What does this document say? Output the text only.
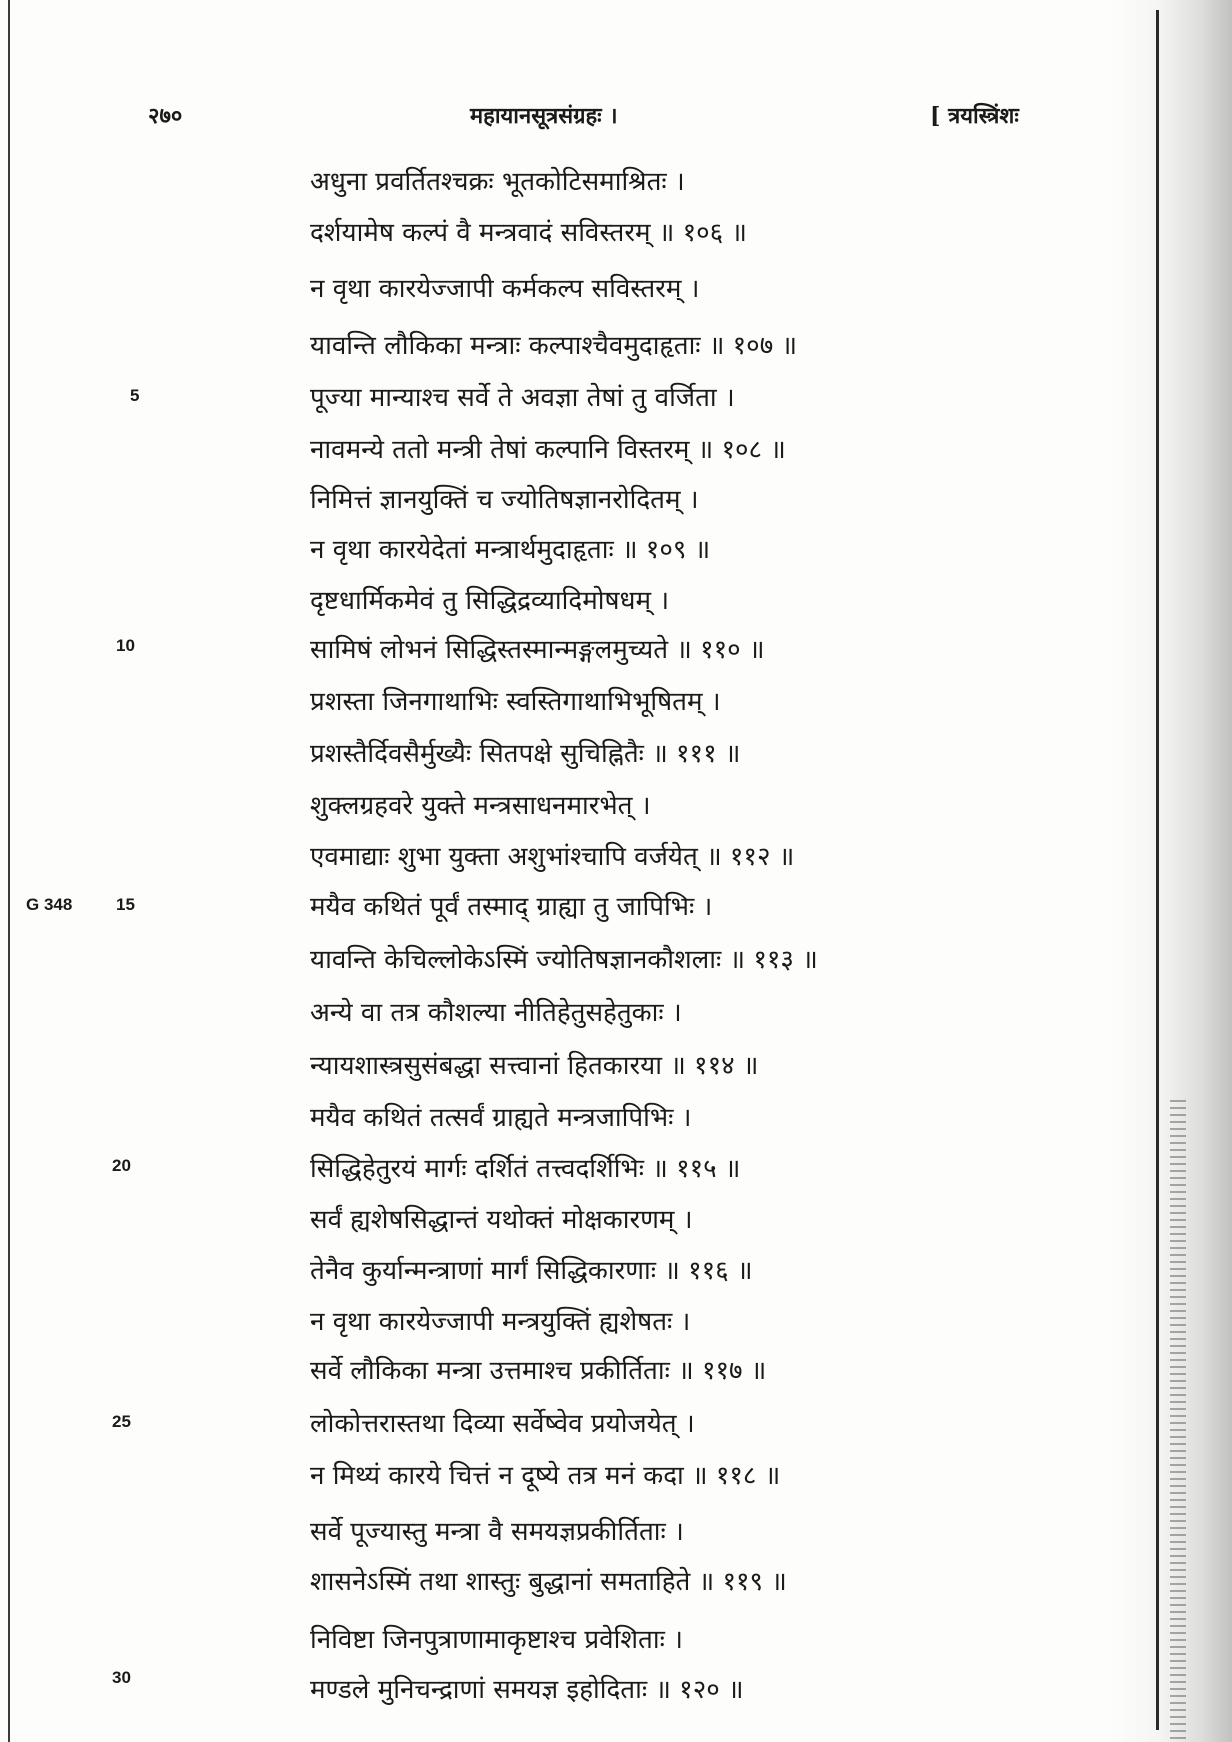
२७०	महायानसूत्रसंग्रहः ।	[ त्रयस्त्रिंशः
अधुना प्रवर्तितश्चक्रः भूतकोटिसमाश्रितः ।
दर्शयामेष कल्पं वै मन्त्रवादं सविस्तरम् ॥ १०६ ॥
न वृथा कारयेज्जापी कर्मकल्प सविस्तरम् ।
यावन्ति लौकिका मन्त्राः कल्पाश्चैवमुदाहृताः ॥ १०७ ॥
पूज्या मान्याश्च सर्वे ते अवज्ञा तेषां तु वर्जिता ।
नावमन्ये ततो मन्त्री तेषां कल्पानि विस्तरम् ॥ १०८ ॥
निमित्तं ज्ञानयुक्तिं च ज्योतिषज्ञानरोदितम् ।
न वृथा कारयेदेतां मन्त्रार्थमुदाहृताः ॥ १०९ ॥
दृष्टधार्मिकमेवं तु सिद्धिद्रव्यादिमोषधम् ।
सामिषं लोभनं सिद्धिस्तस्मान्मङ्गलमुच्यते ॥ ११० ॥
प्रशस्ता जिनगाथाभिः स्वस्तिगाथाभिभूषितम् ।
प्रशस्तैर्दिवसैर्मुख्यैः सितपक्षे सुचिह्नितैः ॥ १११ ॥
शुक्लग्रहवरे युक्ते मन्त्रसाधनमारभेत् ।
एवमाद्याः शुभा युक्ता अशुभांश्चापि वर्जयेत् ॥ ११२ ॥
मयैव कथितं पूर्वं तस्माद् ग्राह्या तु जापिभिः ।
यावन्ति केचिल्लोकेऽस्मिं ज्योतिषज्ञानकौशलाः ॥ ११३ ॥
अन्ये वा तत्र कौशल्या नीतिहेतुसहेतुकाः ।
न्यायशास्त्रसुसंबद्धा सत्त्वानां हितकारया ॥ ११४ ॥
मयैव कथितं तत्सर्वं ग्राह्यते मन्त्रजापिभिः ।
सिद्धिहेतुरयं मार्गः दर्शितं तत्त्वदर्शिभिः ॥ ११५ ॥
सर्वं ह्यशेषसिद्धान्तं यथोक्तं मोक्षकारणम् ।
तेनैव कुर्यान्मन्त्राणां मार्गं सिद्धिकारणाः ॥ ११६ ॥
न वृथा कारयेज्जापी मन्त्रयुक्तिं ह्यशेषतः ।
सर्वे लौकिका मन्त्रा उत्तमाश्च प्रकीर्तिताः ॥ ११७ ॥
लोकोत्तरास्तथा दिव्या सर्वेष्वेव प्रयोजयेत् ।
न मिथ्यं कारये चित्तं न दूष्ये तत्र मनं कदा ॥ ११८ ॥
सर्वे पूज्यास्तु मन्त्रा वै समयज्ञप्रकीर्तिताः ।
शासनेऽस्मिं तथा शास्तुः बुद्धानां समताहिते ॥ ११९ ॥
निविष्टा जिनपुत्राणामाकृष्टाश्च प्रवेशिताः ।
मण्डले मुनिचन्द्राणां समयज्ञ इहोदिताः ॥ १२० ॥
5
10
G 348	15
20
25
30
